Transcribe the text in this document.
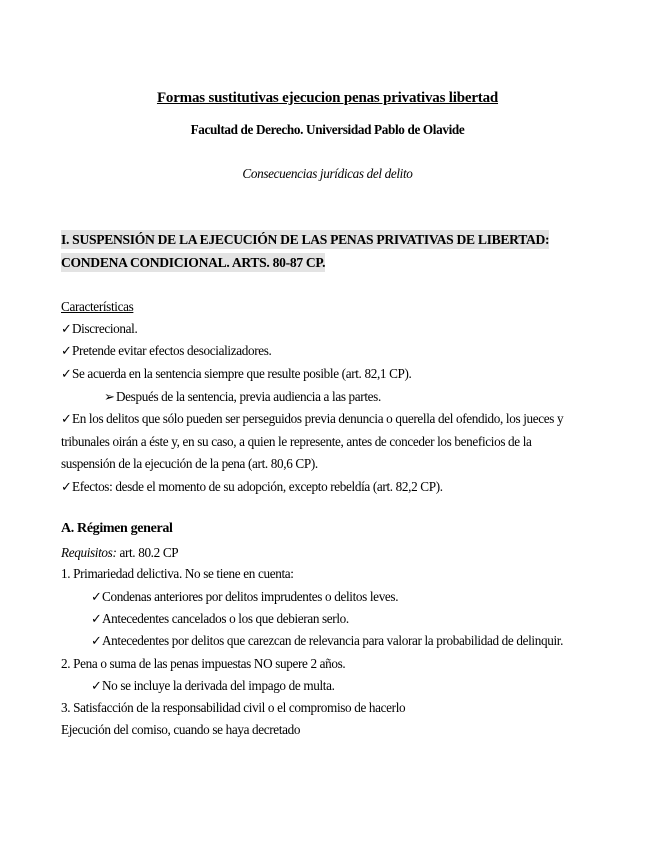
Formas sustitutivas ejecucion penas privativas libertad
Facultad de Derecho. Universidad Pablo de Olavide
Consecuencias jurídicas del delito
I. SUSPENSIÓN DE LA EJECUCIÓN DE LAS PENAS PRIVATIVAS DE LIBERTAD:
CONDENA CONDICIONAL. ARTS. 80-87 CP.
Características
✓Discrecional.
✓Pretende evitar efectos desocializadores.
✓Se acuerda en la sentencia siempre que resulte posible (art. 82,1 CP).
➢Después de la sentencia, previa audiencia a las partes.
✓En los delitos que sólo pueden ser perseguidos previa denuncia o querella del ofendido, los jueces y
tribunales oirán a éste y, en su caso, a quien le represente, antes de conceder los beneficios de la
suspensión de la ejecución de la pena (art. 80,6 CP).
✓Efectos: desde el momento de su adopción, excepto rebeldía (art. 82,2 CP).
A. Régimen general
Requisitos: art. 80.2 CP
1. Primariedad delictiva. No se tiene en cuenta:
✓Condenas anteriores por delitos imprudentes o delitos leves.
✓Antecedentes cancelados o los que debieran serlo.
✓Antecedentes por delitos que carezcan de relevancia para valorar la probabilidad de delinquir.
2. Pena o suma de las penas impuestas NO supere 2 años.
✓No se incluye la derivada del impago de multa.
3. Satisfacción de la responsabilidad civil o el compromiso de hacerlo
Ejecución del comiso, cuando se haya decretado
